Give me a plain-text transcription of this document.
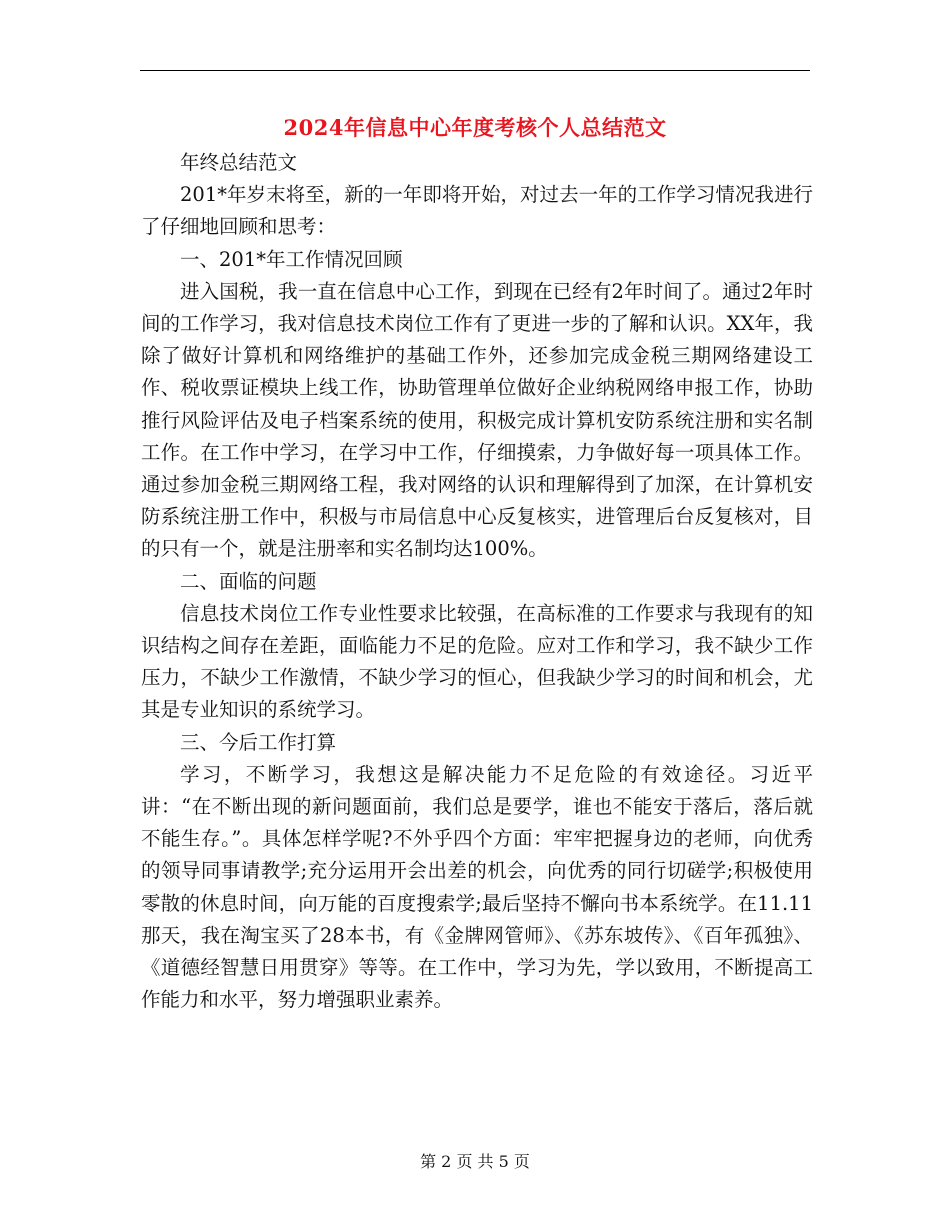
2024年信息中心年度考核个人总结范文

年终总结范文

201*年岁末将至，新的一年即将开始，对过去一年的工作学习情况我进行了仔细地回顾和思考：

一、201*年工作情况回顾

进入国税，我一直在信息中心工作，到现在已经有2年时间了。通过2年时间的工作学习，我对信息技术岗位工作有了更进一步的了解和认识。XX年，我除了做好计算机和网络维护的基础工作外，还参加完成金税三期网络建设工作、税收票证模块上线工作，协助管理单位做好企业纳税网络申报工作，协助推行风险评估及电子档案系统的使用，积极完成计算机安防系统注册和实名制工作。在工作中学习，在学习中工作，仔细摸索，力争做好每一项具体工作。通过参加金税三期网络工程，我对网络的认识和理解得到了加深，在计算机安防系统注册工作中，积极与市局信息中心反复核实，进管理后台反复核对，目的只有一个，就是注册率和实名制均达100%。

二、面临的问题

信息技术岗位工作专业性要求比较强，在高标准的工作要求与我现有的知识结构之间存在差距，面临能力不足的危险。应对工作和学习，我不缺少工作压力，不缺少工作激情，不缺少学习的恒心，但我缺少学习的时间和机会，尤其是专业知识的系统学习。

三、今后工作打算

学习，不断学习，我想这是解决能力不足危险的有效途径。习近平讲：“在不断出现的新问题面前，我们总是要学，谁也不能安于落后，落后就不能生存。”。具体怎样学呢?不外乎四个方面：牢牢把握身边的老师，向优秀的领导同事请教学;充分运用开会出差的机会，向优秀的同行切磋学;积极使用零散的休息时间，向万能的百度搜索学;最后坚持不懈向书本系统学。在11.11那天，我在淘宝买了28本书，有《金牌网管师》、《苏东坡传》、《百年孤独》、《道德经智慧日用贯穿》等等。在工作中，学习为先，学以致用，不断提高工作能力和水平，努力增强职业素养。

第 2 页 共 5 页
